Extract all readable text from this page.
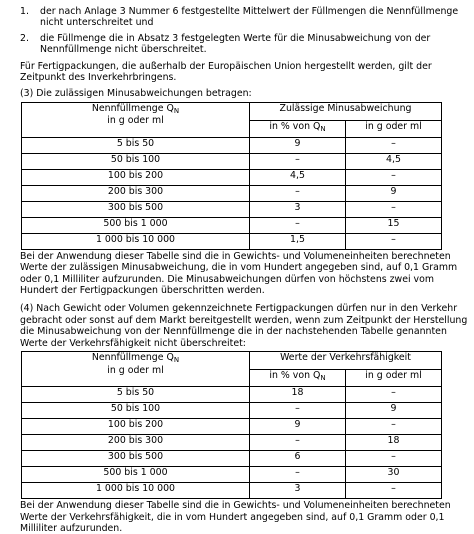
1. der nach Anlage 3 Nummer 6 festgestellte Mittelwert der Füllmengen die Nennfüllmenge nicht unterschreitet und
2. die Füllmenge die in Absatz 3 festgelegten Werte für die Minusabweichung von der Nennfüllmenge nicht überschreitet.
Für Fertigpackungen, die außerhalb der Europäischen Union hergestellt werden, gilt der Zeitpunkt des Inverkehrbringens.
(3) Die zulässigen Minusabweichungen betragen:
Nennfüllmenge $Q_N$
in g oder ml	Zulässige Minusabweichung	
	in % von $Q_N$	in g oder ml
5 bis 50	9	–
50 bis 100	–	4,5
100 bis 200	4,5	–
200 bis 300	–	9
300 bis 500	3	–
500 bis 1 000	–	15
1 000 bis 10 000	1,5	–
Bei der Anwendung dieser Tabelle sind die in Gewichts- und Volumeneinheiten berechneten Werte der zulässigen Minusabweichung, die in vom Hundert angegeben sind, auf 0,1 Gramm oder 0,1 Milliliter aufzurunden. Die Minusabweichungen dürfen von höchstens zwei vom Hundert der Fertigpackungen überschritten werden.
(4) Nach Gewicht oder Volumen gekennzeichnete Fertigpackungen dürfen nur in den Verkehr gebracht oder sonst auf dem Markt bereitgestellt werden, wenn zum Zeitpunkt der Herstellung die Minusabweichung von der Nennfüllmenge die in der nachstehenden Tabelle genannten Werte der Verkehrsfähigkeit nicht überschreitet:
Nennfüllmenge $Q_N$
in g oder ml	Werte der Verkehrsfähigkeit	
	in % von $Q_N$	in g oder ml
5 bis 50	18	–
50 bis 100	–	9
100 bis 200	9	–
200 bis 300	–	18
300 bis 500	6	–
500 bis 1 000	–	30
1 000 bis 10 000	3	–
Bei der Anwendung dieser Tabelle sind die in Gewichts- und Volumeneinheiten berechneten Werte der Verkehrsfähigkeit, die in vom Hundert angegeben sind, auf 0,1 Gramm oder 0,1 Milliliter aufzurunden.
